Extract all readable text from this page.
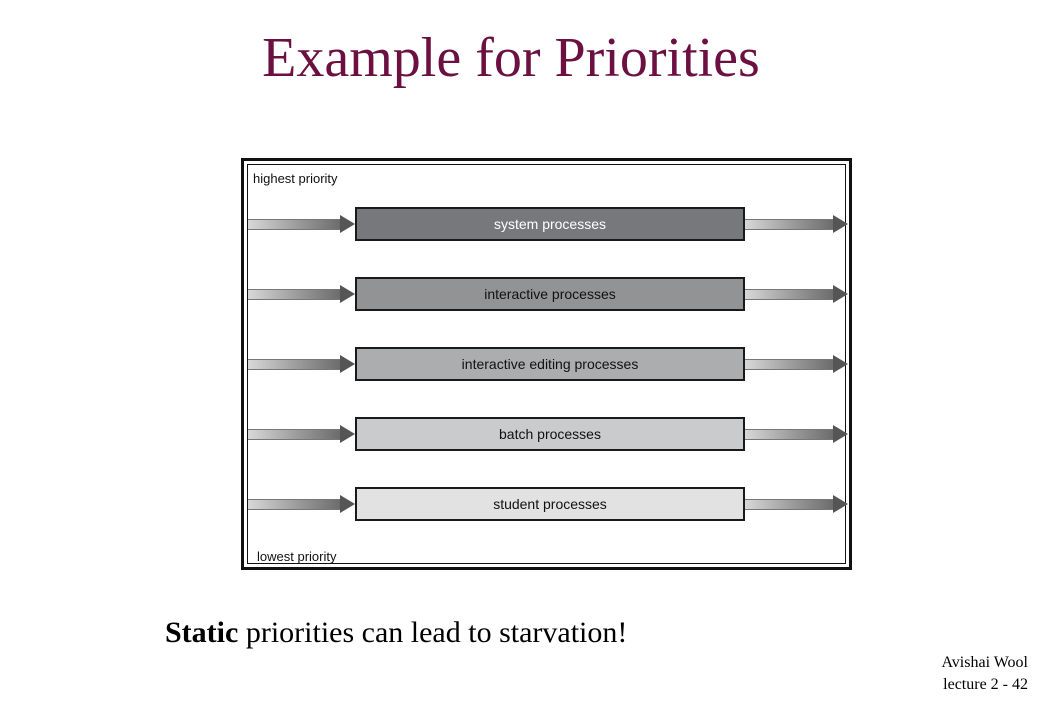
Example for Priorities
highest priority
lowest priority
system processes
interactive processes
interactive editing processes
batch processes
student processes
Static priorities can lead to starvation!
Avishai Wool
lecture 2 - 42
